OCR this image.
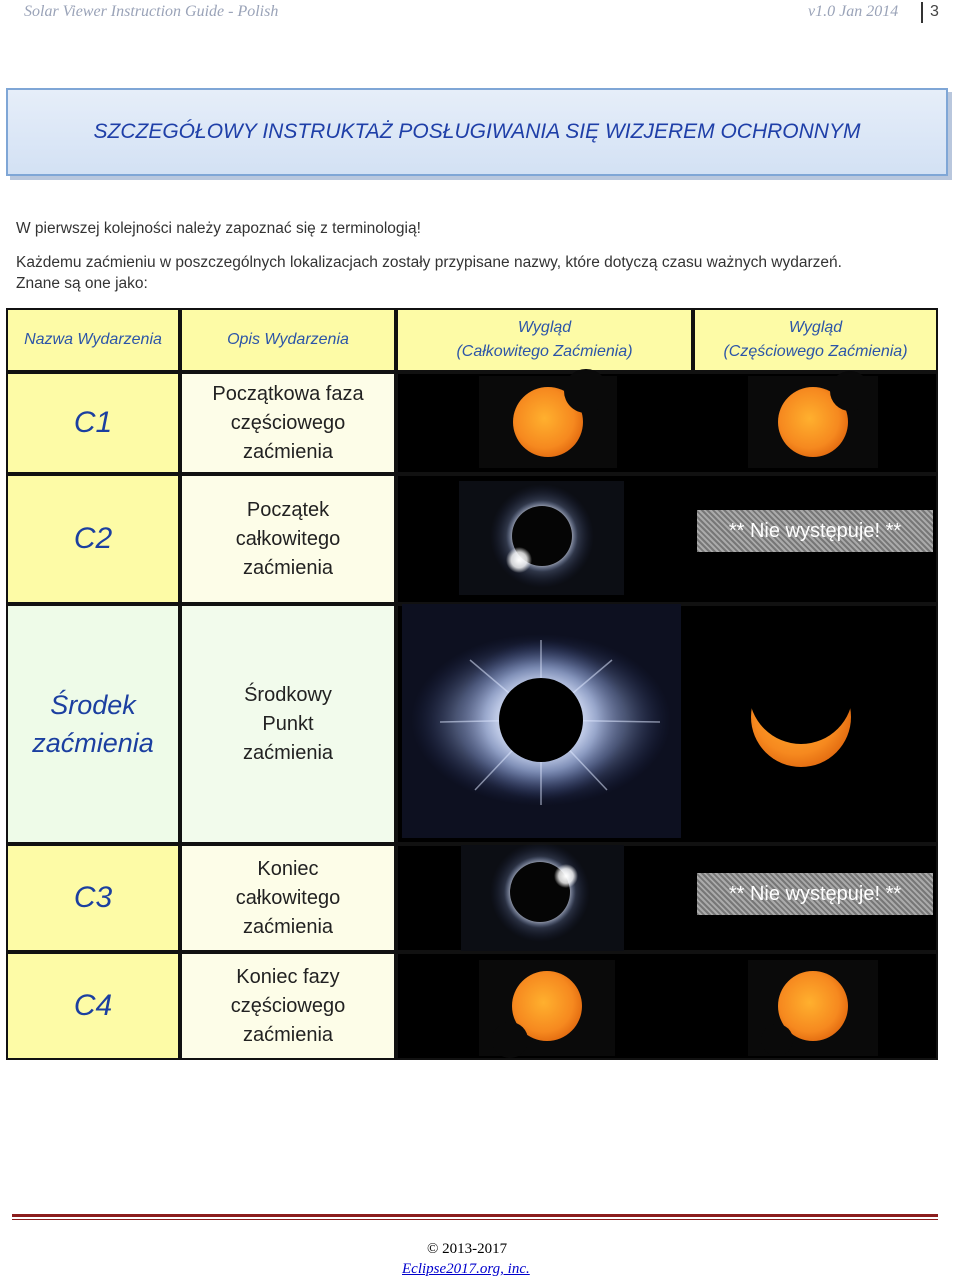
Solar Viewer Instruction Guide - Polish	v1.0 Jan 2014 3
SZCZEGÓŁOWY INSTRUKTAŻ POSŁUGIWANIA SIĘ WIZJEREM OCHRONNYM
W pierwszej kolejności należy zapoznać się z terminologią!
Każdemu zaćmieniu w poszczególnych lokalizacjach zostały przypisane nazwy, które dotyczą czasu ważnych wydarzeń.
Znane są one jako:
Nazwa Wydarzenia	Opis Wydarzenia
Wygląd
(Całkowitego Zaćmienia)
Wygląd
(Częściowego Zaćmienia)
C1
Początkowa faza
częściowego
zaćmienia
C2
Początek
całkowitego
zaćmienia
Środek
zaćmienia
Środkowy
Punkt
zaćmienia
C3
Koniec
całkowitego
zaćmienia
C4
Koniec fazy
częściowego
zaćmienia
** Nie występuje! **
** Nie występuje! **
© 2013-2017
Eclipse2017.org, inc.
